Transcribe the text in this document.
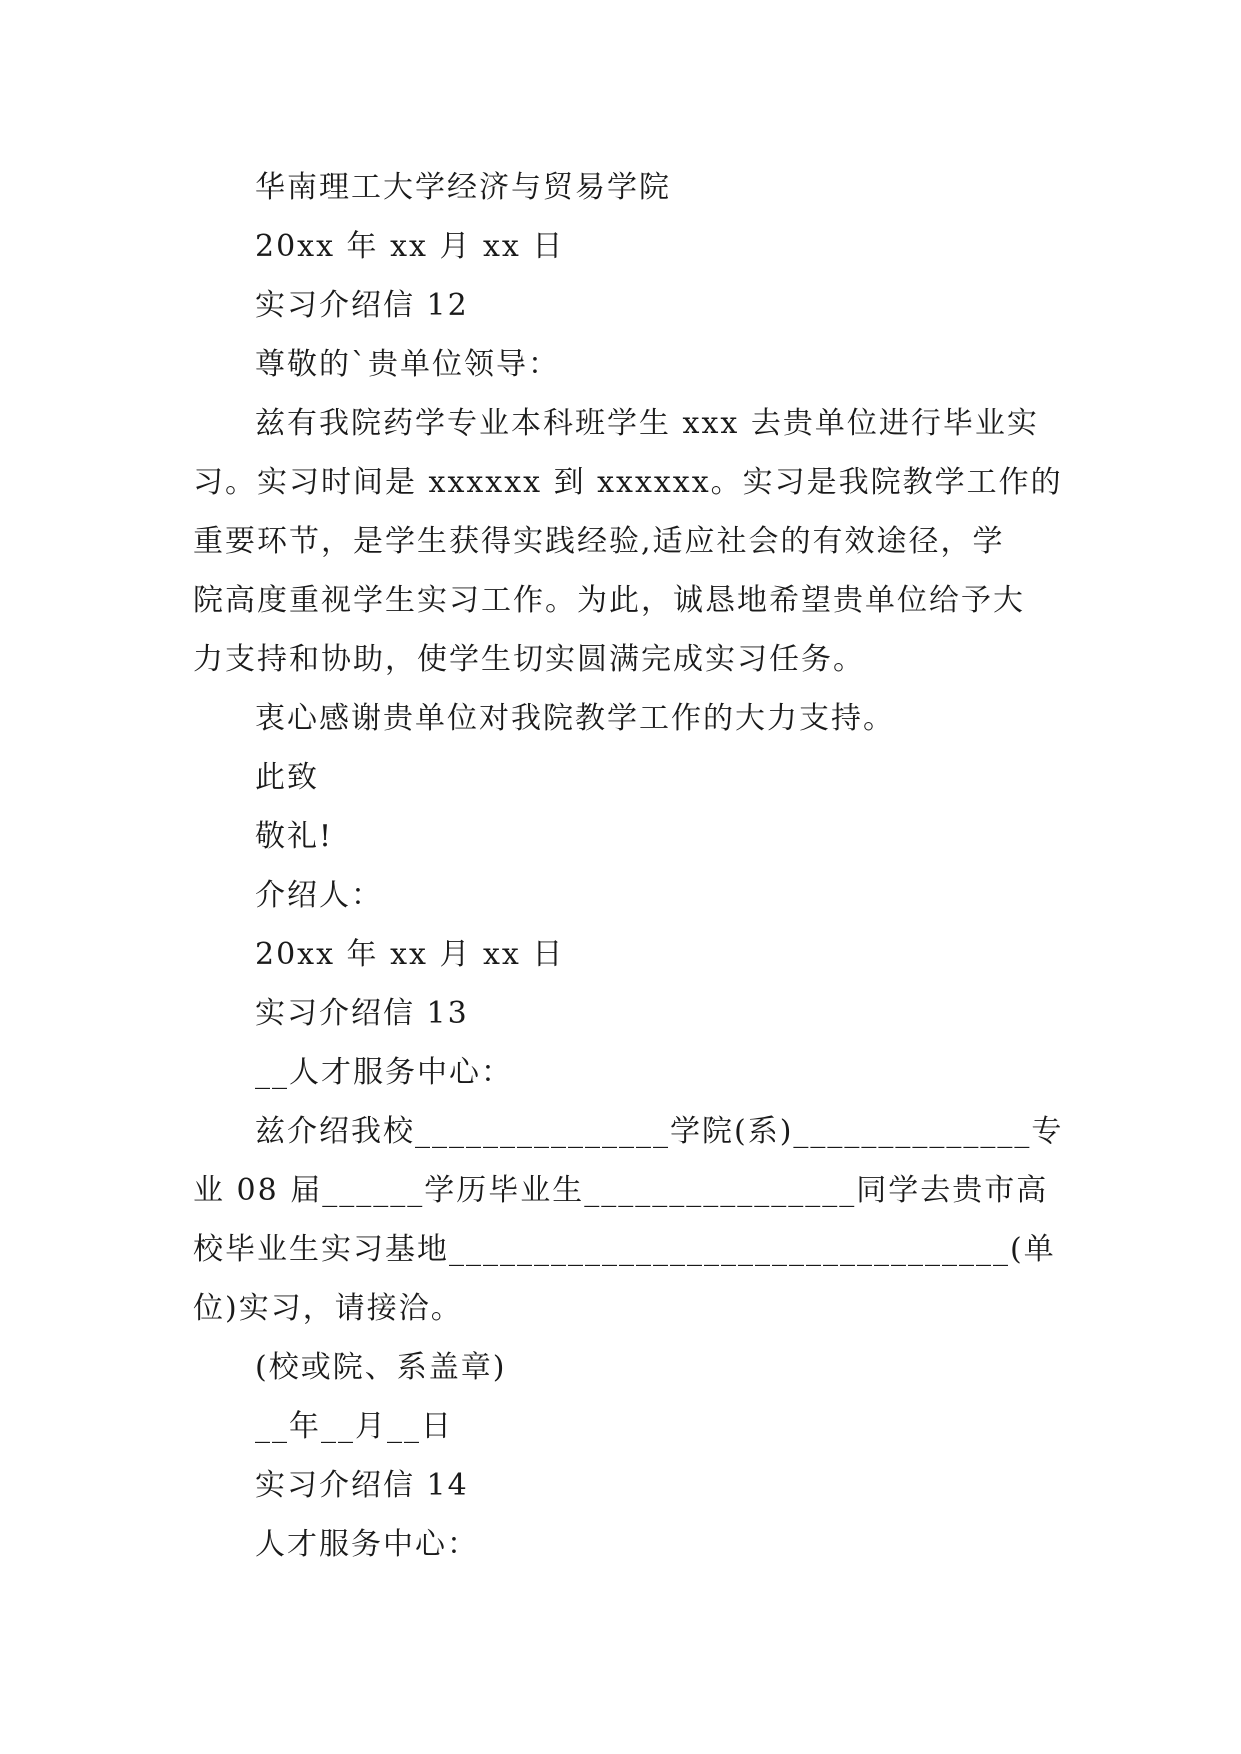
华南理工大学经济与贸易学院
20xx 年 xx 月 xx 日
实习介绍信 12
尊敬的`贵单位领导：
兹有我院药学专业本科班学生 xxx 去贵单位进行毕业实
习。实习时间是 xxxxxx 到 xxxxxx。实习是我院教学工作的
重要环节，是学生获得实践经验,适应社会的有效途径，学
院高度重视学生实习工作。为此，诚恳地希望贵单位给予大
力支持和协助，使学生切实圆满完成实习任务。
衷心感谢贵单位对我院教学工作的大力支持。
此致
敬礼!
介绍人：
20xx 年 xx 月 xx 日
实习介绍信 13
__人才服务中心：
兹介绍我校_______________学院(系)______________专
业 08 届______学历毕业生________________同学去贵市高
校毕业生实习基地_________________________________(单
位)实习，请接洽。
(校或院、系盖章)
__年__月__日
实习介绍信 14
人才服务中心：
